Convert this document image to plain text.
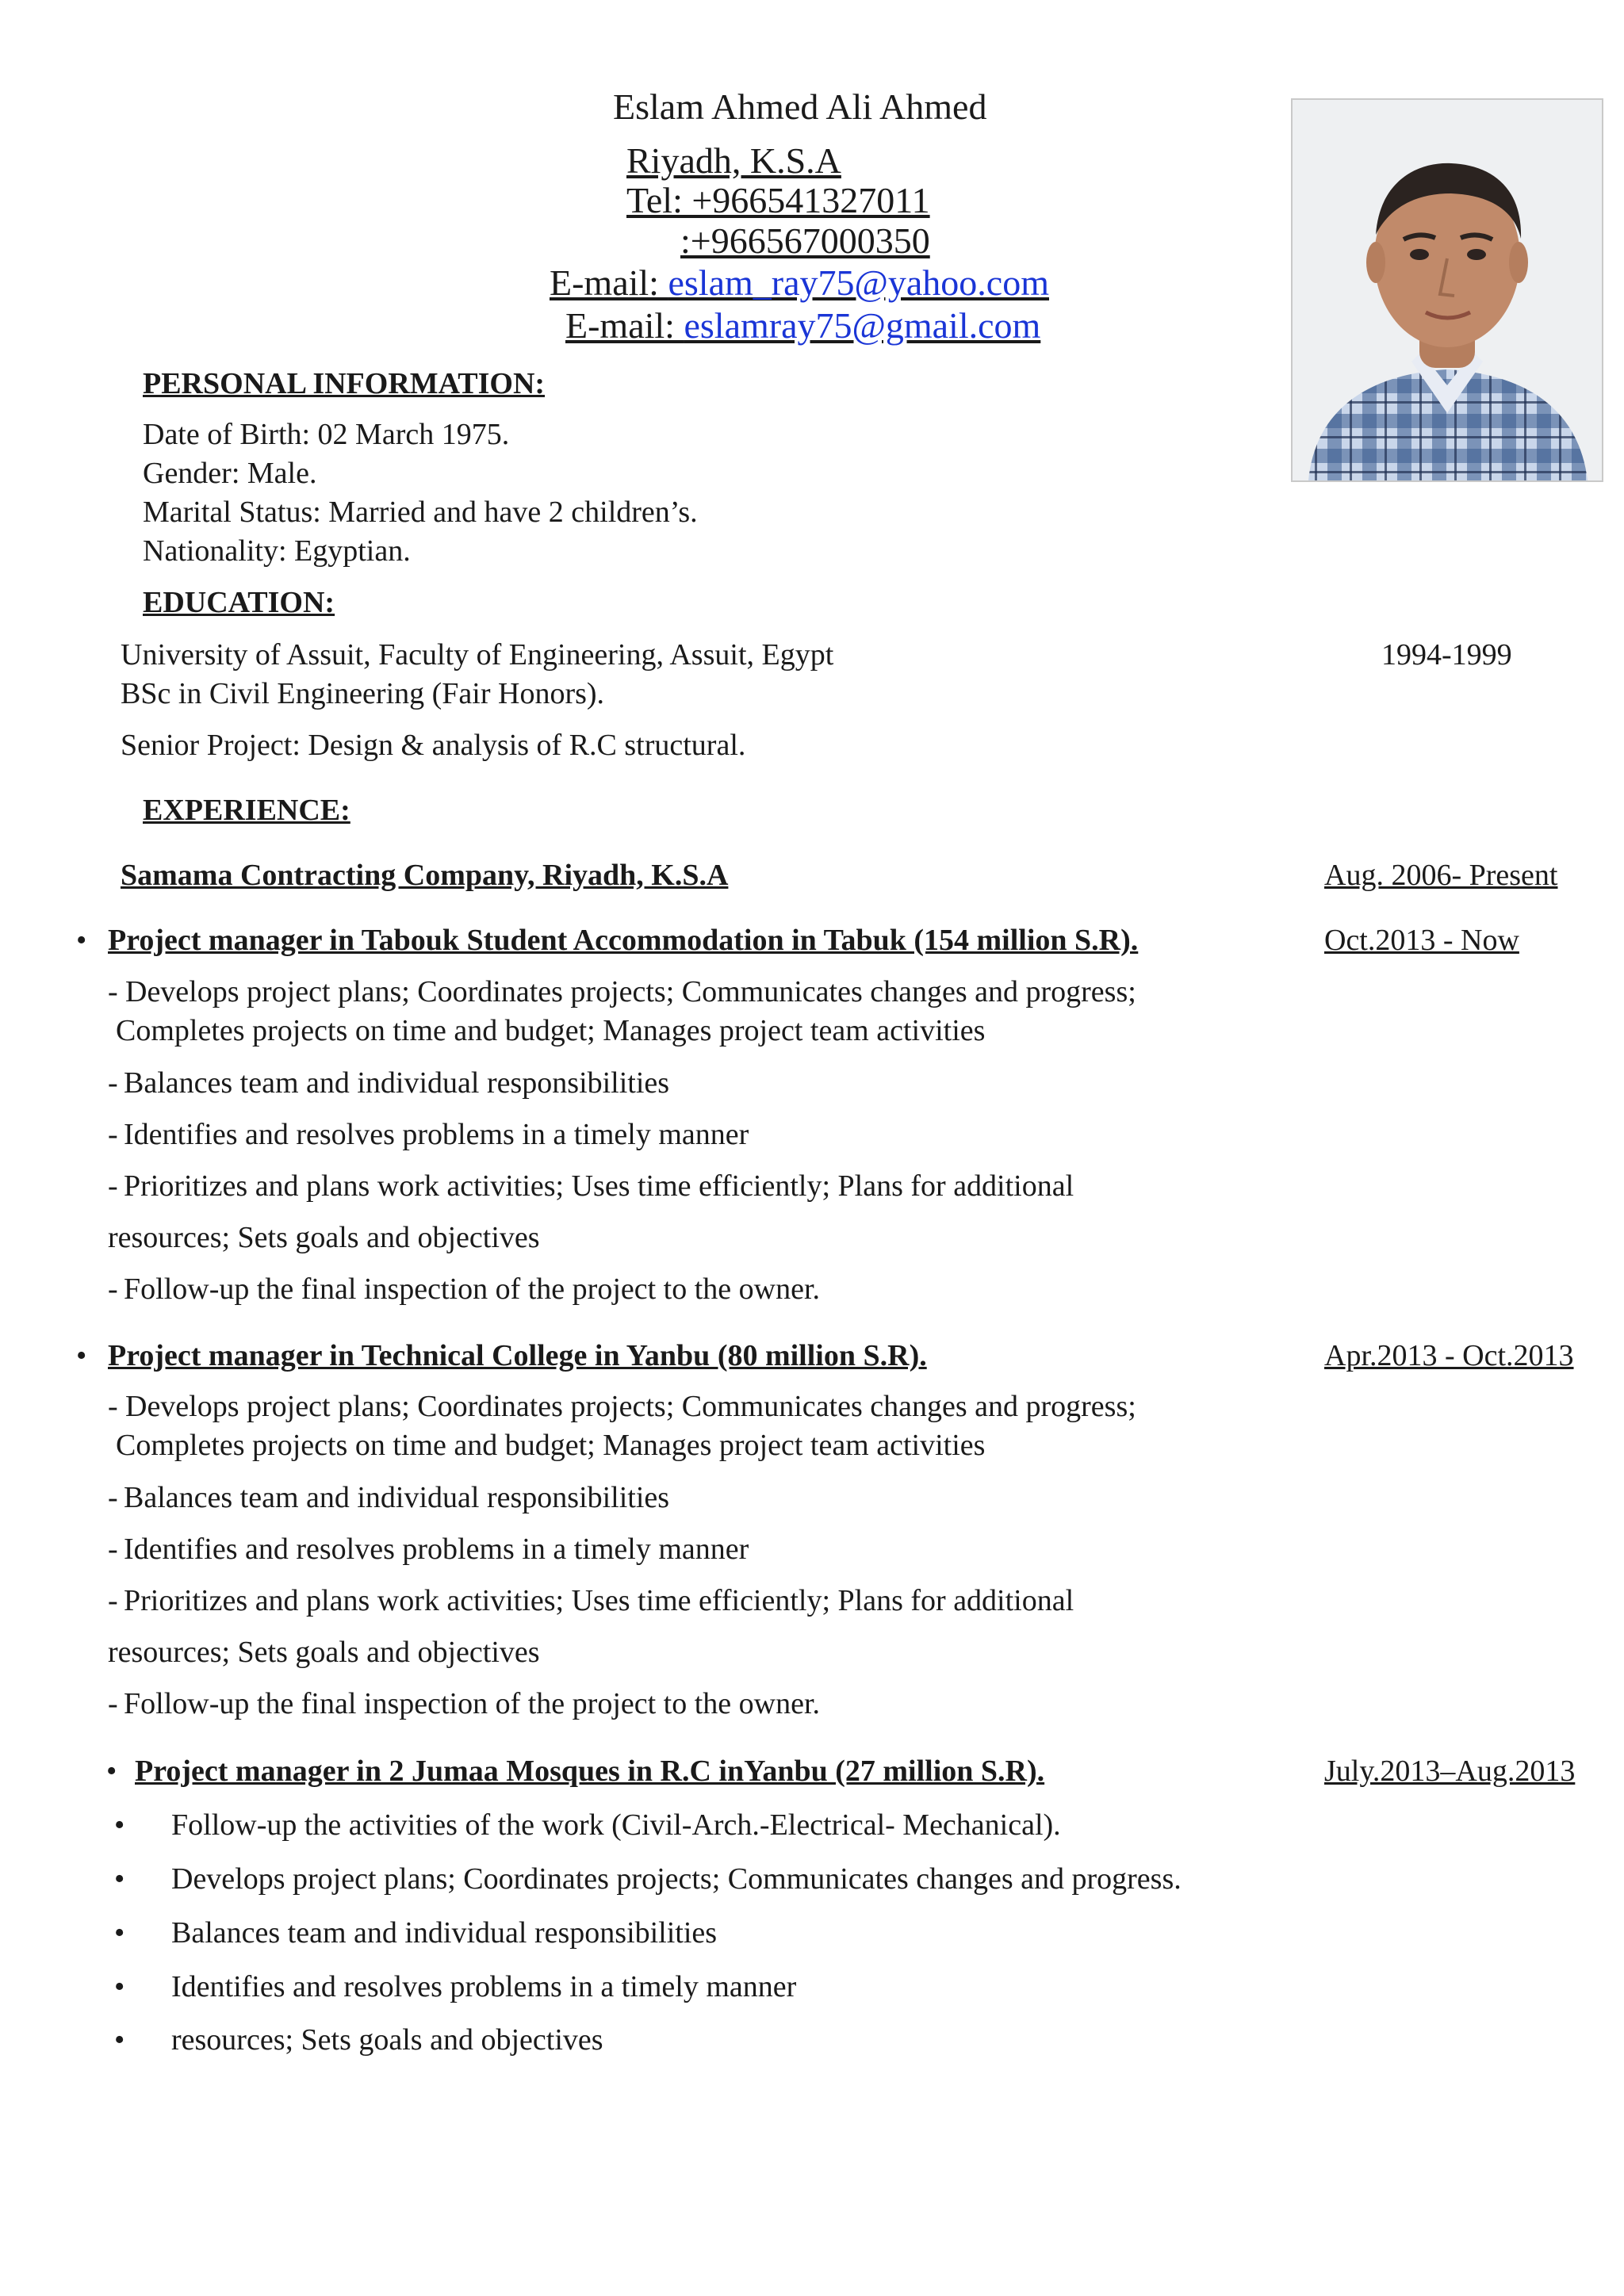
Eslam Ahmed Ali Ahmed
Riyadh, K.S.A
Tel: +966541327011
:+966567000350
E-mail: eslam_ray75@yahoo.com
E-mail: eslamray75@gmail.com
PERSONAL INFORMATION:
Date of Birth: 02 March 1975.
Gender: Male.
Marital Status: Married and have 2 children’s.
Nationality: Egyptian.
EDUCATION:
University of Assuit, Faculty of Engineering, Assuit, Egypt	1994-1999
BSc in Civil Engineering (Fair Honors).
Senior Project: Design & analysis of R.C structural.
EXPERIENCE:
Samama Contracting Company, Riyadh, K.S.A	Aug. 2006- Present
• Project manager in Tabouk Student Accommodation in Tabuk (154 million S.R).	Oct.2013 - Now
- Develops project plans; Coordinates projects; Communicates changes and progress;
Completes projects on time and budget; Manages project team activities
- Balances team and individual responsibilities
- Identifies and resolves problems in a timely manner
- Prioritizes and plans work activities; Uses time efficiently; Plans for additional
resources; Sets goals and objectives
- Follow-up the final inspection of the project to the owner.
• Project manager in Technical College in Yanbu (80 million S.R).	Apr.2013 - Oct.2013
- Develops project plans; Coordinates projects; Communicates changes and progress;
Completes projects on time and budget; Manages project team activities
- Balances team and individual responsibilities
- Identifies and resolves problems in a timely manner
- Prioritizes and plans work activities; Uses time efficiently; Plans for additional
resources; Sets goals and objectives
- Follow-up the final inspection of the project to the owner.
• Project manager in 2 Jumaa Mosques in R.C inYanbu (27 million S.R).	July.2013–Aug.2013
• Follow-up the activities of the work (Civil-Arch.-Electrical- Mechanical).
• Develops project plans; Coordinates projects; Communicates changes and progress.
• Balances team and individual responsibilities
• Identifies and resolves problems in a timely manner
• resources; Sets goals and objectives
